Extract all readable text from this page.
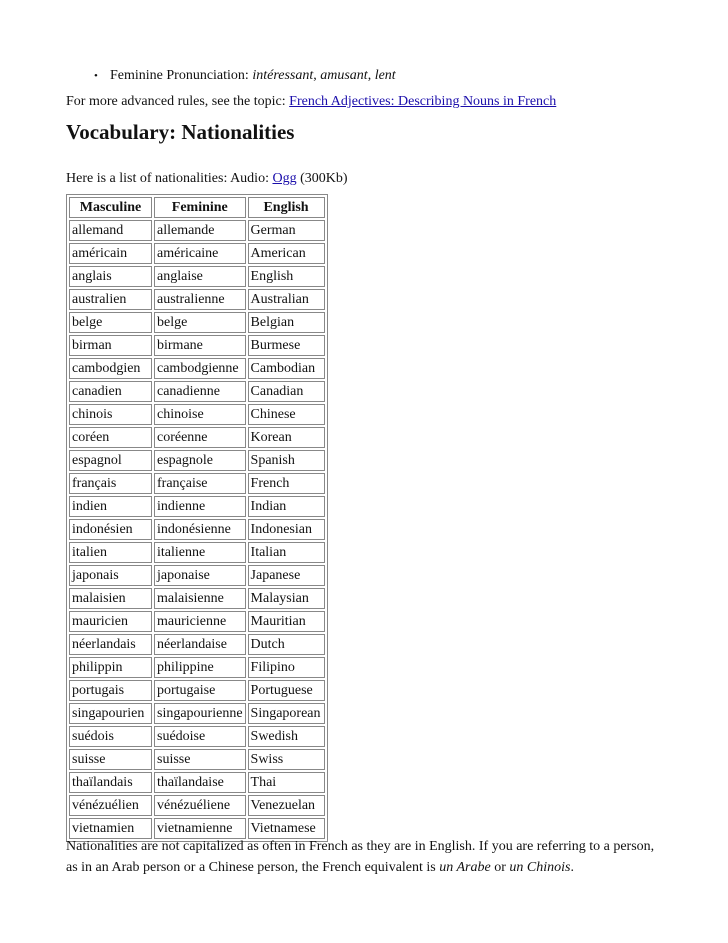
• Feminine Pronunciation: intéressant, amusant, lent
For more advanced rules, see the topic: French Adjectives: Describing Nouns in French
Vocabulary: Nationalities
Here is a list of nationalities: Audio: Ogg (300Kb)
Masculine	Feminine	English
allemand	allemande	German
américain	américaine	American
anglais	anglaise	English
australien	australienne	Australian
belge	belge	Belgian
birman	birmane	Burmese
cambodgien	cambodgienne	Cambodian
canadien	canadienne	Canadian
chinois	chinoise	Chinese
coréen	coréenne	Korean
espagnol	espagnole	Spanish
français	française	French
indien	indienne	Indian
indonésien	indonésienne	Indonesian
italien	italienne	Italian
japonais	japonaise	Japanese
malaisien	malaisienne	Malaysian
mauricien	mauricienne	Mauritian
néerlandais	néerlandaise	Dutch
philippin	philippine	Filipino
portugais	portugaise	Portuguese
singapourien	singapourienne	Singaporean
suédois	suédoise	Swedish
suisse	suisse	Swiss
thaïlandais	thaïlandaise	Thai
vénézuélien	vénézuéliene	Venezuelan
vietnamien	vietnamienne	Vietnamese
Nationalities are not capitalized as often in French as they are in English. If you are referring to a person, as in an Arab person or a Chinese person, the French equivalent is un Arabe or un Chinois.
